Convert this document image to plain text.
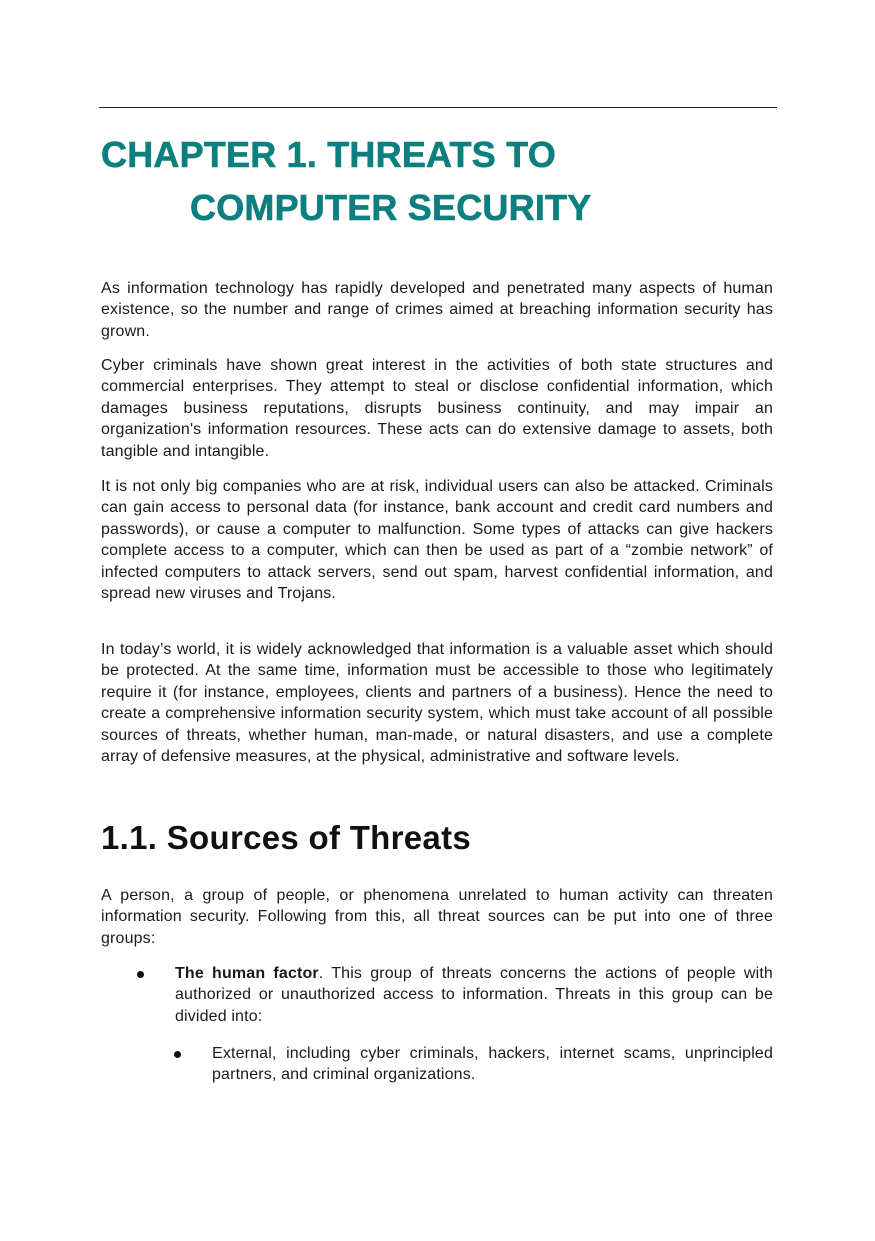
CHAPTER 1. THREATS TO
COMPUTER SECURITY

As information technology has rapidly developed and penetrated many aspects of human existence, so the number and range of crimes aimed at breaching information security has grown.

Cyber criminals have shown great interest in the activities of both state structures and commercial enterprises. They attempt to steal or disclose confidential information, which damages business reputations, disrupts business continuity, and may impair an organization's information resources. These acts can do extensive damage to assets, both tangible and intangible.

It is not only big companies who are at risk, individual users can also be attacked. Criminals can gain access to personal data (for instance, bank account and credit card numbers and passwords), or cause a computer to malfunction. Some types of attacks can give hackers complete access to a computer, which can then be used as part of a “zombie network” of infected computers to attack servers, send out spam, harvest confidential information, and spread new viruses and Trojans.

In today’s world, it is widely acknowledged that information is a valuable asset which should be protected. At the same time, information must be accessible to those who legitimately require it (for instance, employees, clients and partners of a business). Hence the need to create a comprehensive information security system, which must take account of all possible sources of threats, whether human, man-made, or natural disasters, and use a complete array of defensive measures, at the physical, administrative and software levels.

1.1. Sources of Threats

A person, a group of people, or phenomena unrelated to human activity can threaten information security. Following from this, all threat sources can be put into one of three groups:

The human factor. This group of threats concerns the actions of people with authorized or unauthorized access to information. Threats in this group can be divided into:
External, including cyber criminals, hackers, internet scams, unprincipled partners, and criminal organizations.
